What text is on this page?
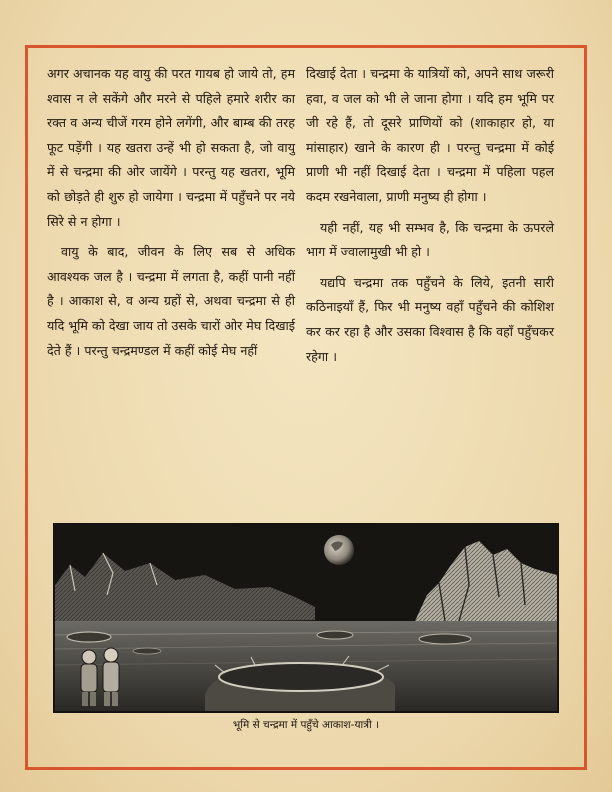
अगर अचानक यह वायु की परत गायब हो जाये तो, हम श्वास न ले सकेंगे और मरने से पहिले हमारे शरीर का रक्त व अन्य चीजें गरम होने लगेंगी, और बाम्ब की तरह फूट पड़ेंगी । यह खतरा उन्हें भी हो सकता है, जो वायु में से चन्द्रमा की ओर जायेंगे । परन्तु यह खतरा, भूमि को छोड़ते ही शुरु हो जायेगा । चन्द्रमा में पहुँचने पर नये सिरे से न होगा ।

वायु के बाद, जीवन के लिए सब से अधिक आवश्यक जल है । चन्द्रमा में लगता है, कहीं पानी नहीं है । आकाश से, व अन्य ग्रहों से, अथवा चन्द्रमा से ही यदि भूमि को देखा जाय तो उसके चारों ओर मेघ दिखाई देते हैं । परन्तु चन्द्रमण्डल में कहीं कोई मेघ नहीं

दिखाई देता । चन्द्रमा के यात्रियों को, अपने साथ जरूरी हवा, व जल को भी ले जाना होगा । यदि हम भूमि पर जी रहे हैं, तो दूसरे प्राणियों को (शाकाहार हो, या मांसाहार) खाने के कारण ही । परन्तु चन्द्रमा में कोई प्राणी भी नहीं दिखाई देता । चन्द्रमा में पहिला पहल कदम रखनेवाला, प्राणी मनुष्य ही होगा ।

यही नहीं, यह भी सम्भव है, कि चन्द्रमा के ऊपरले भाग में ज्वालामुखी भी हो ।

यद्यपि चन्द्रमा तक पहुँचने के लिये, इतनी सारी कठिनाइयाँ हैं, फिर भी मनुष्य वहाँ पहुँचने की कोशिश कर कर रहा है और उसका विश्वास है कि वहाँ पहुँचकर रहेगा ।

भूमि से चन्द्रमा में पहुँचे आकाश-यात्री ।
